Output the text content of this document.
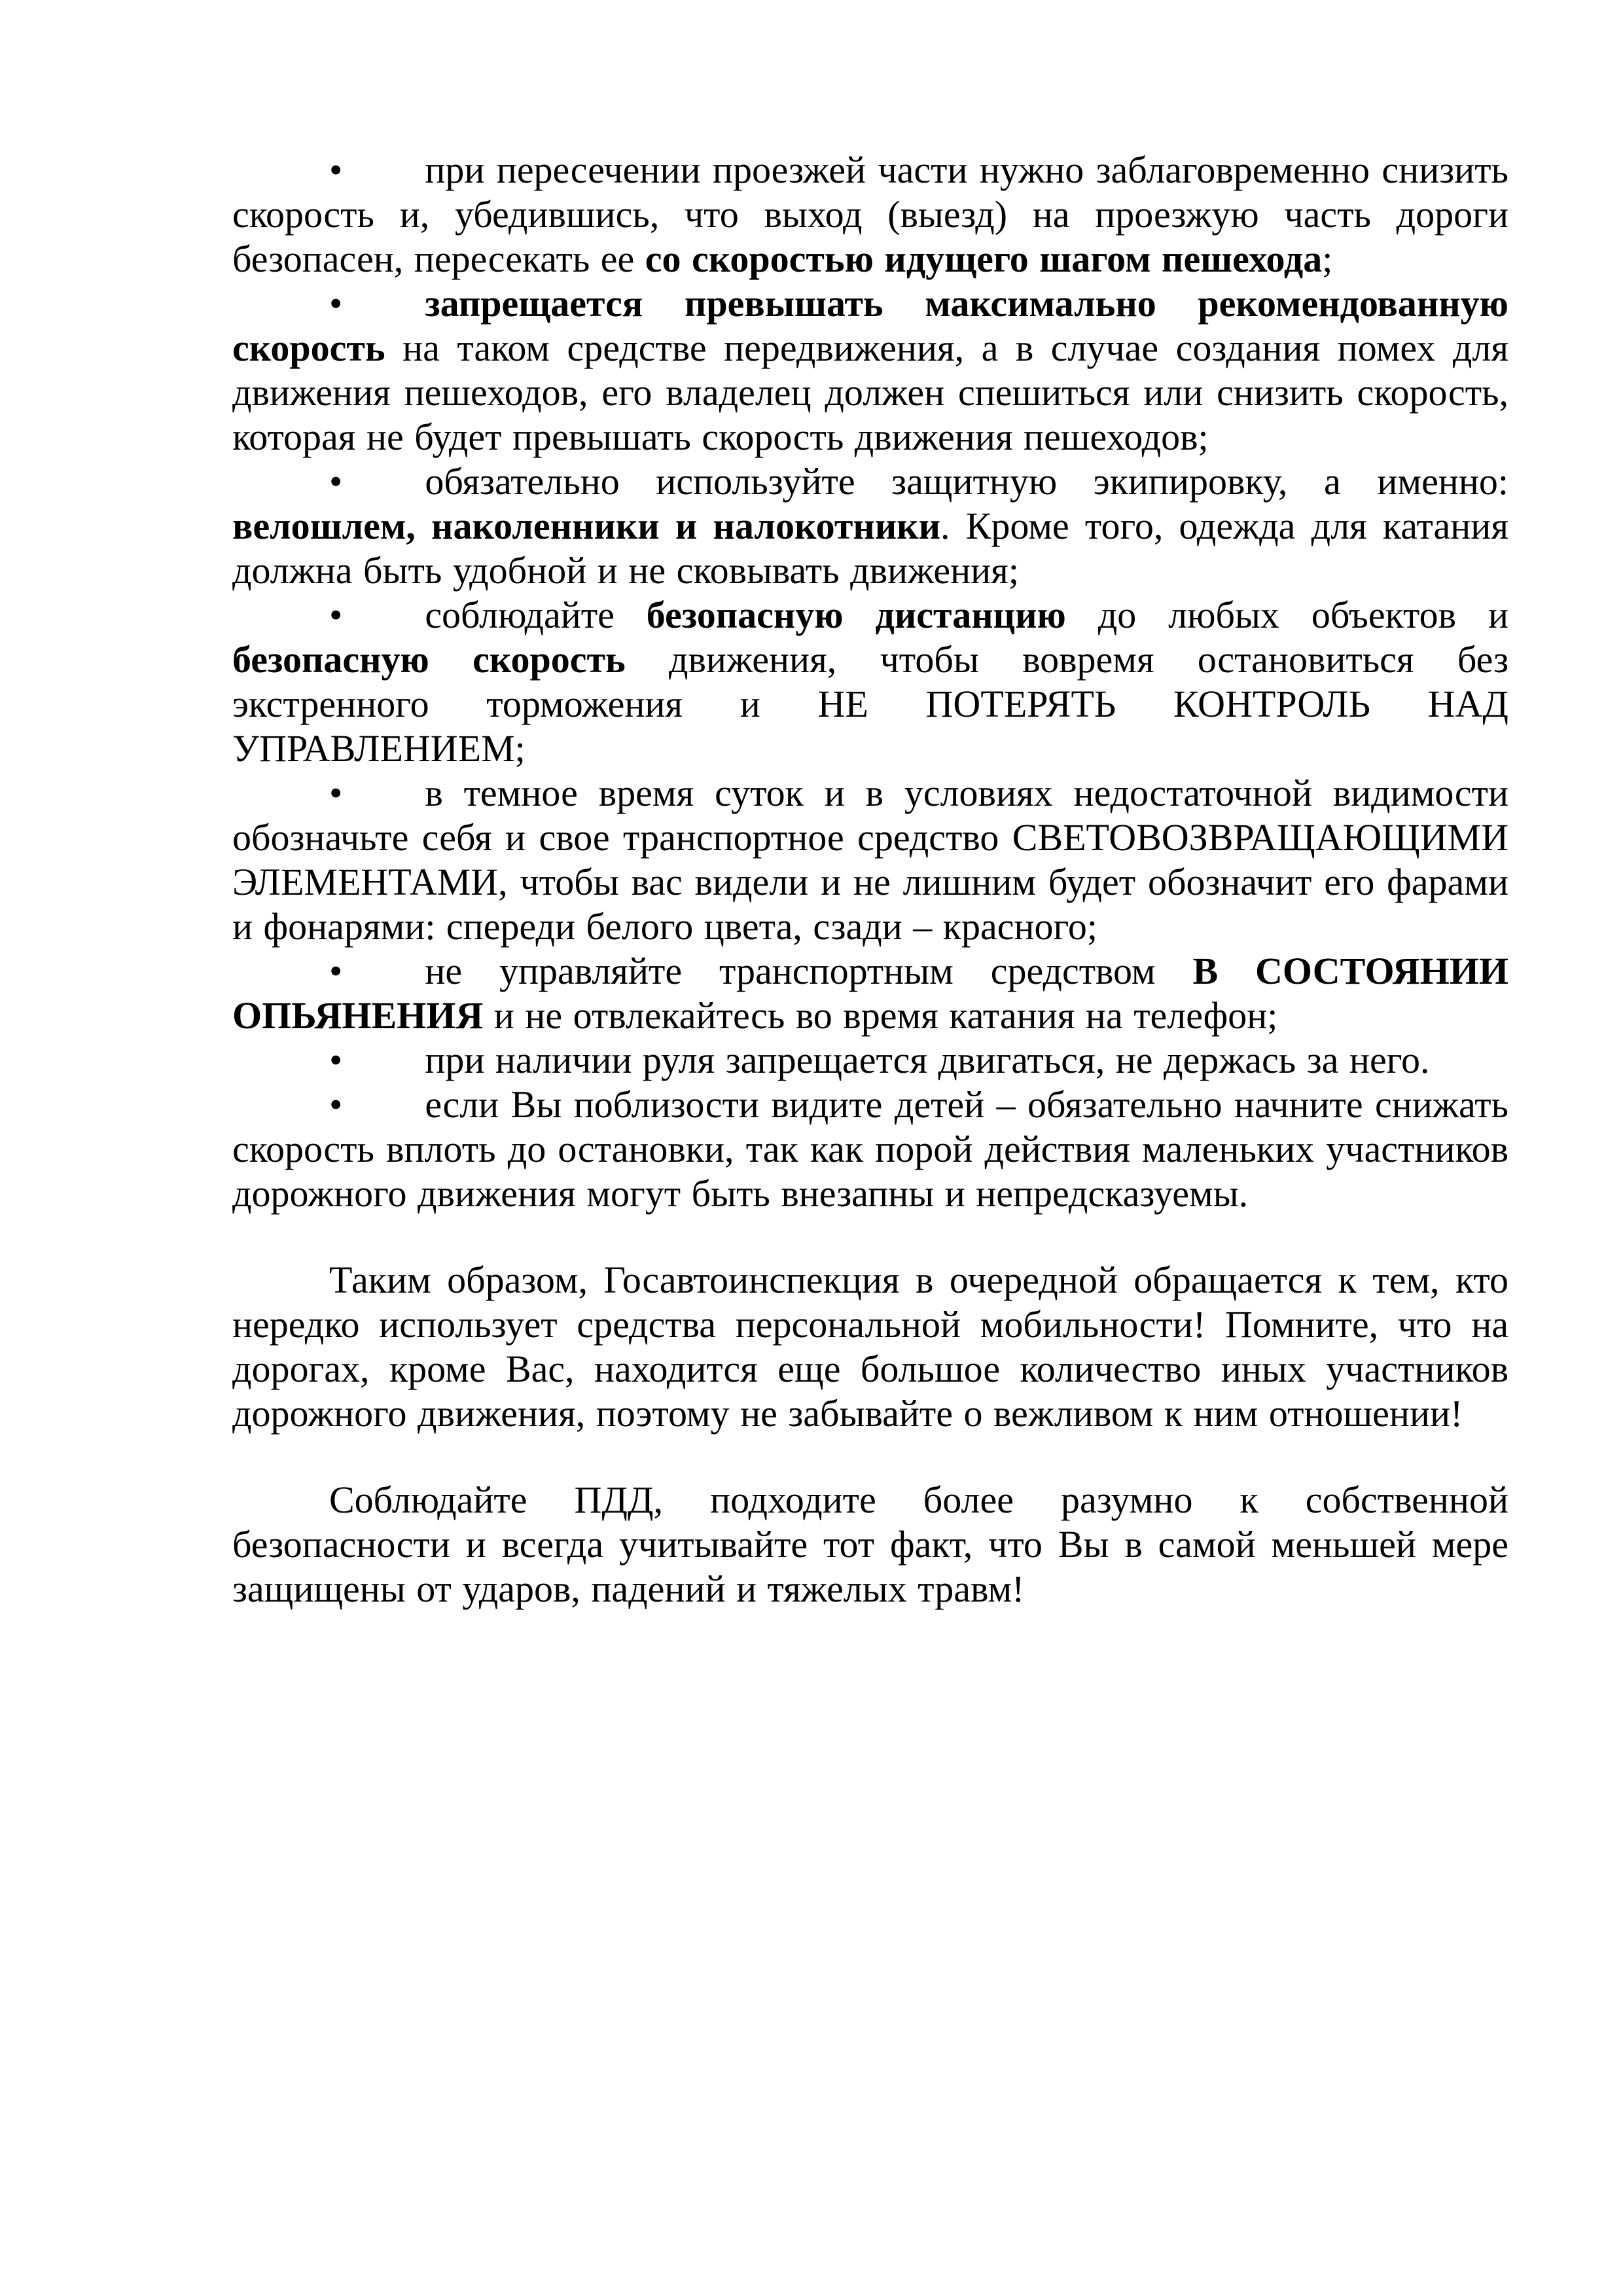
• при пересечении проезжей части нужно заблаговременно снизить скорость и, убедившись, что выход (выезд) на проезжую часть дороги безопасен, пересекать ее со скоростью идущего шагом пешехода;

• запрещается превышать максимально рекомендованную скорость на таком средстве передвижения, а в случае создания помех для движения пешеходов, его владелец должен спешиться или снизить скорость, которая не будет превышать скорость движения пешеходов;

• обязательно используйте защитную экипировку, а именно: велошлем, наколенники и налокотники. Кроме того, одежда для катания должна быть удобной и не сковывать движения;

• соблюдайте безопасную дистанцию до любых объектов и безопасную скорость движения, чтобы вовремя остановиться без экстренного торможения и НЕ ПОТЕРЯТЬ КОНТРОЛЬ НАД УПРАВЛЕНИЕМ;

• в темное время суток и в условиях недостаточной видимости обозначьте себя и свое транспортное средство СВЕТОВОЗВРАЩАЮЩИМИ ЭЛЕМЕНТАМИ, чтобы вас видели и не лишним будет обозначит его фарами и фонарями: спереди белого цвета, сзади – красного;

• не управляйте транспортным средством В СОСТОЯНИИ ОПЬЯНЕНИЯ и не отвлекайтесь во время катания на телефон;

• при наличии руля запрещается двигаться, не держась за него.

• если Вы поблизости видите детей – обязательно начните снижать скорость вплоть до остановки, так как порой действия маленьких участников дорожного движения могут быть внезапны и непредсказуемы.

Таким образом, Госавтоинспекция в очередной обращается к тем, кто нередко использует средства персональной мобильности! Помните, что на дорогах, кроме Вас, находится еще большое количество иных участников дорожного движения, поэтому не забывайте о вежливом к ним отношении!

Соблюдайте ПДД, подходите более разумно к собственной безопасности и всегда учитывайте тот факт, что Вы в самой меньшей мере защищены от ударов, падений и тяжелых травм!
